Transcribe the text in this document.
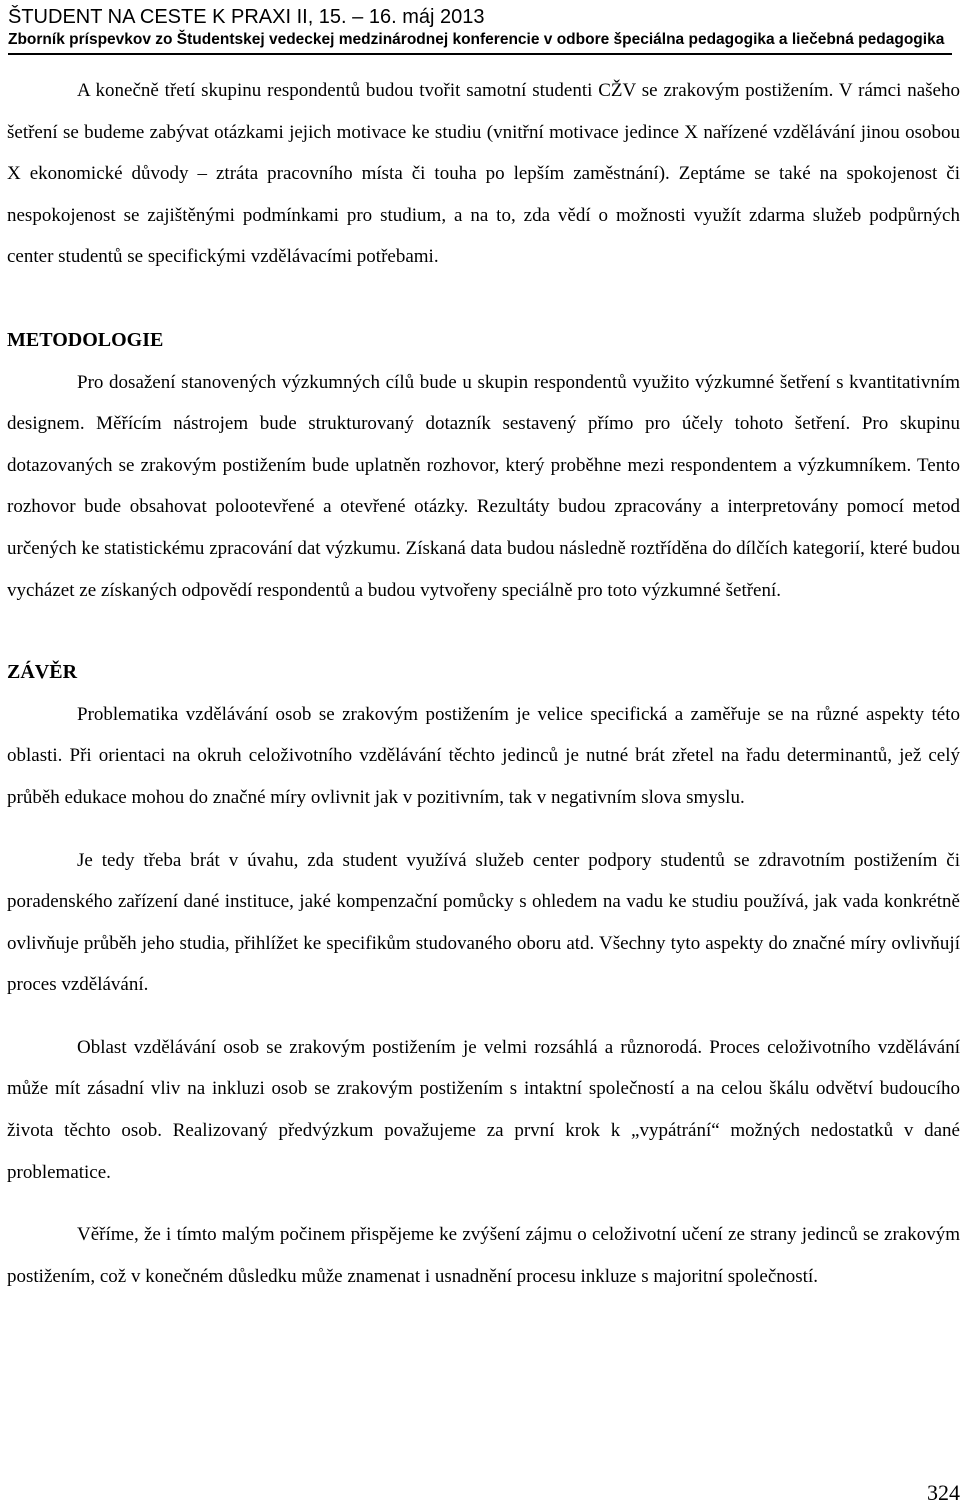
ŠTUDENT NA CESTE K PRAXI II, 15. – 16. máj 2013
Zborník príspevkov zo Študentskej vedeckej medzinárodnej konferencie v odbore špeciálna pedagogika a liečebná pedagogika

A konečně třetí skupinu respondentů budou tvořit samotní studenti CŽV se zrakovým postižením. V rámci našeho šetření se budeme zabývat otázkami jejich motivace ke studiu (vnitřní motivace jedince X nařízené vzdělávání jinou osobou X ekonomické důvody ‒ ztráta pracovního místa či touha po lepším zaměstnání). Zeptáme se také na spokojenost či nespokojenost se zajištěnými podmínkami pro studium, a na to, zda vědí o možnosti využít zdarma služeb podpůrných center studentů se specifickými vzdělávacími potřebami.

METODOLOGIE

Pro dosažení stanovených výzkumných cílů bude u skupin respondentů využito výzkumné šetření s kvantitativním designem. Měřícím nástrojem bude strukturovaný dotazník sestavený přímo pro účely tohoto šetření. Pro skupinu dotazovaných se zrakovým postižením bude uplatněn rozhovor, který proběhne mezi respondentem a výzkumníkem. Tento rozhovor bude obsahovat polootevřené a otevřené otázky. Rezultáty budou zpracovány a interpretovány pomocí metod určených ke statistickému zpracování dat výzkumu. Získaná data budou následně roztříděna do dílčích kategorií, které budou vycházet ze získaných odpovědí respondentů a budou vytvořeny speciálně pro toto výzkumné šetření.

ZÁVĚR

Problematika vzdělávání osob se zrakovým postižením je velice specifická a zaměřuje se na různé aspekty této oblasti. Při orientaci na okruh celoživotního vzdělávání těchto jedinců je nutné brát zřetel na řadu determinantů, jež celý průběh edukace mohou do značné míry ovlivnit jak v pozitivním, tak v negativním slova smyslu.

Je tedy třeba brát v úvahu, zda student využívá služeb center podpory studentů se zdravotním postižením či poradenského zařízení dané instituce, jaké kompenzační pomůcky s ohledem na vadu ke studiu používá, jak vada konkrétně ovlivňuje průběh jeho studia, přihlížet ke specifikům studovaného oboru atd. Všechny tyto aspekty do značné míry ovlivňují proces vzdělávání.

Oblast vzdělávání osob se zrakovým postižením je velmi rozsáhlá a různorodá. Proces celoživotního vzdělávání může mít zásadní vliv na inkluzi osob se zrakovým postižením s intaktní společností a na celou škálu odvětví budoucího života těchto osob. Realizovaný předvýzkum považujeme za první krok k „vypátrání“ možných nedostatků v dané problematice.

Věříme, že i tímto malým počinem přispějeme ke zvýšení zájmu o celoživotní učení ze strany jedinců se zrakovým postižením, což v konečném důsledku může znamenat i usnadnění procesu inkluze s majoritní společností.

324
